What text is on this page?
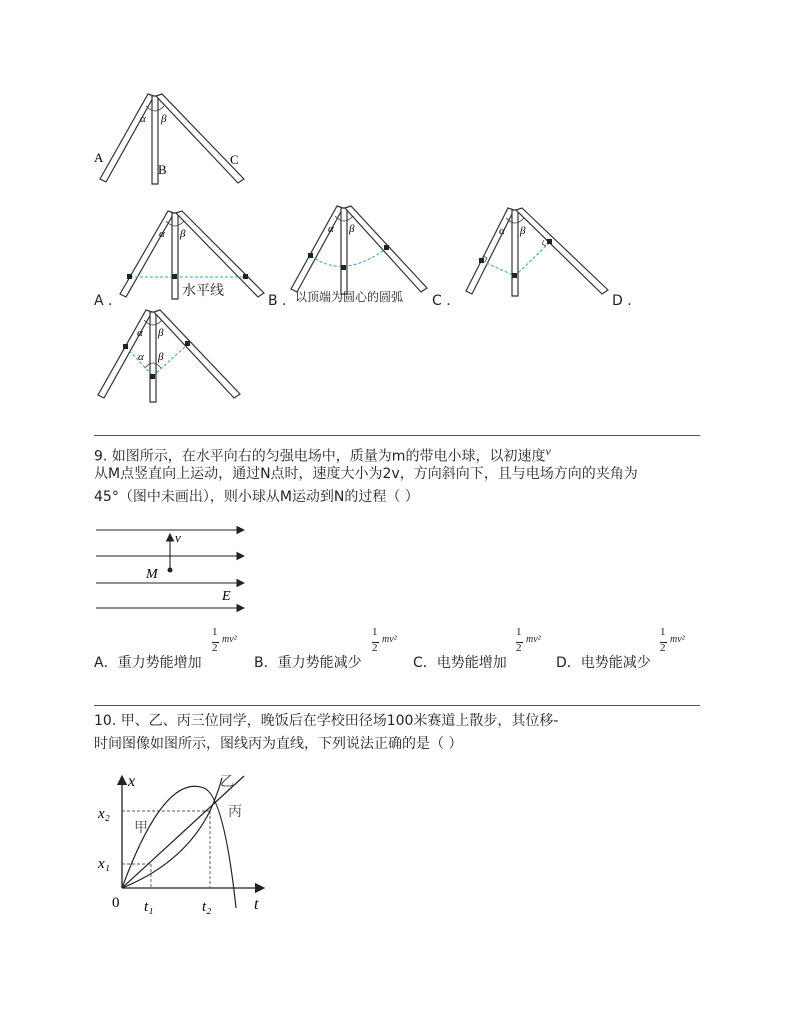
α β
A
B
C
α β
A .
水平线
α β
B . 以顶端为圆心的圆弧 C .
α β
D .
α β
α β
9. 如图所示，在水平向右的匀强电场中，质量为m的带电小球，以初速度v
从M点竖直向上运动，通过N点时，速度大小为2v，方向斜向下，且与电场方向的夹角为
45°（图中未画出），则小球从M运动到N的过程（ ）
v
M
E
A．重力势能增加
1
2
mv²
B．重力势能减少
1
2
mv²
C．电势能增加
1
2
mv²
D．电势能减少
1
2
mv²
10. 甲、乙、丙三位同学，晚饭后在学校田径场100米赛道上散步，其位移-
时间图像如图所示，图线丙为直线，下列说法正确的是（ ）
t
x
0
x₂
x₁
t₁	t₂
甲
乙
丙
